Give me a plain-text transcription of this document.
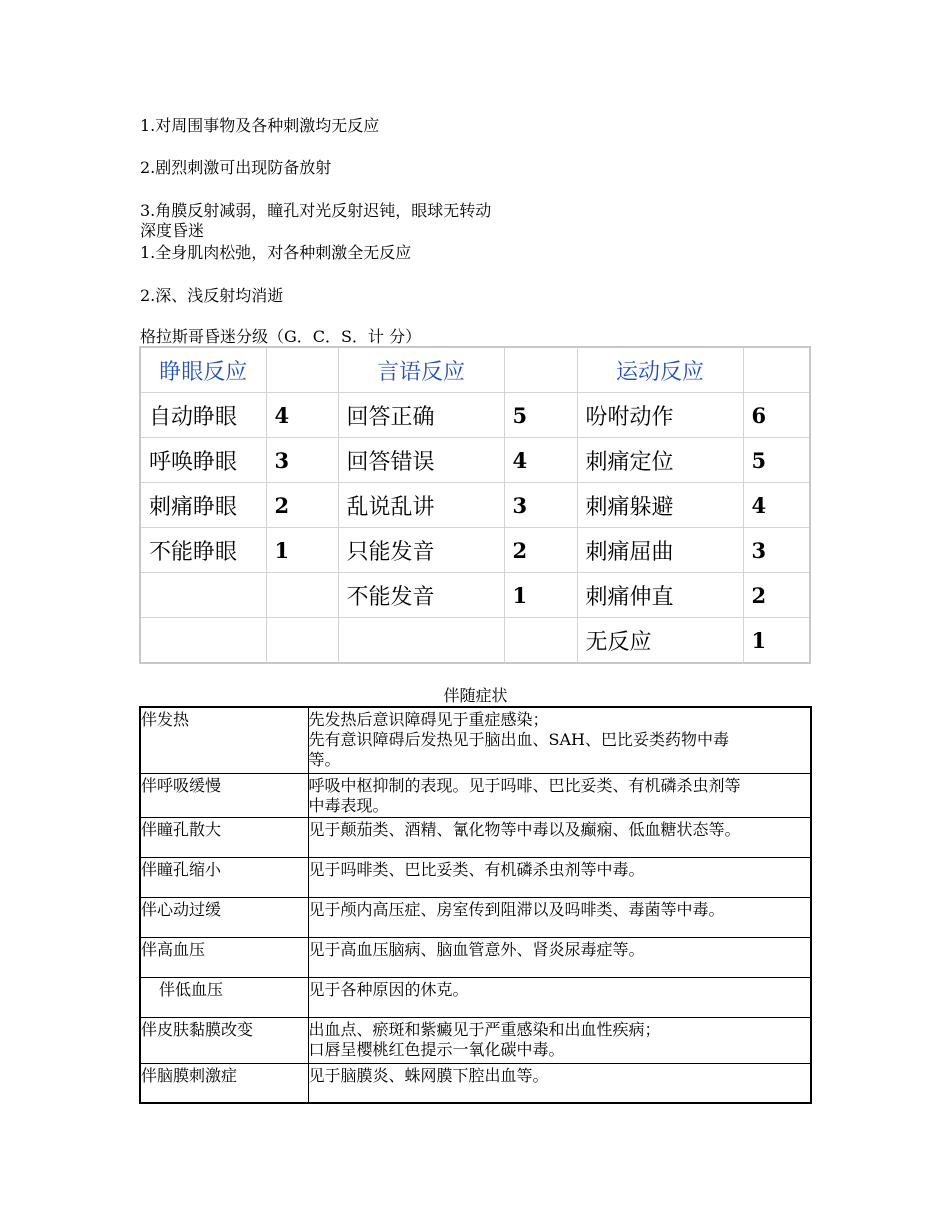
1.对周围事物及各种刺激均无反应
2.剧烈刺激可出现防备放射
3.角膜反射减弱，瞳孔对光反射迟钝，眼球无转动
深度昏迷
1.全身肌肉松弛，对各种刺激全无反应
2.深、浅反射均消逝
格拉斯哥昏迷分级（G．C．S．计 分）
睁眼反应		言语反应		运动反应	
自动睁眼	4	回答正确	5	吩咐动作	6
呼唤睁眼	3	回答错误	4	刺痛定位	5
刺痛睁眼	2	乱说乱讲	3	刺痛躲避	4
不能睁眼	1	只能发音	2	刺痛屈曲	3
		不能发音	1	刺痛伸直	2
				无反应	1
伴随症状
伴发热	先发热后意识障碍见于重症感染；
先有意识障碍后发热见于脑出血、SAH、巴比妥类药物中毒
等。

伴呼吸缓慢	呼吸中枢抑制的表现。见于吗啡、巴比妥类、有机磷杀虫剂等
中毒表现。

伴瞳孔散大	见于颠茄类、酒精、氰化物等中毒以及癫痫、低血糖状态等。

伴瞳孔缩小	见于吗啡类、巴比妥类、有机磷杀虫剂等中毒。

伴心动过缓	见于颅内高压症、房室传到阻滞以及吗啡类、毒菌等中毒。

伴高血压	见于高血压脑病、脑血管意外、肾炎尿毒症等。

伴低血压	见于各种原因的休克。

伴皮肤黏膜改变	出血点、瘀斑和紫癜见于严重感染和出血性疾病；
口唇呈樱桃红色提示一氧化碳中毒。

伴脑膜刺激症	见于脑膜炎、蛛网膜下腔出血等。
